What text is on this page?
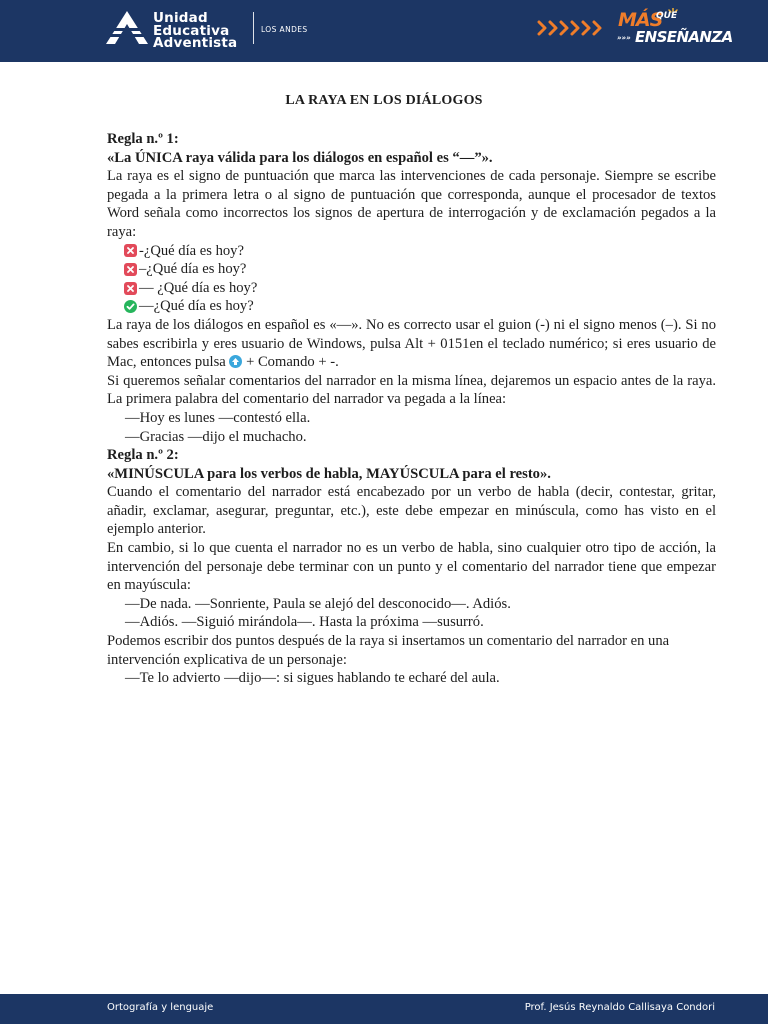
Unidad
Educativa
Adventista
LOS ANDES	MÁS
QUE
»»» ENSEÑANZA
LA RAYA EN LOS DIÁLOGOS

Regla n.º 1:

«La ÚNICA raya válida para los diálogos en español es “—”».

La raya es el signo de puntuación que marca las intervenciones de cada personaje. Siempre se escribe pegada a la primera letra o al signo de puntuación que corresponda, aunque el procesador de textos Word señala como incorrectos los signos de apertura de interrogación y de exclamación pegados a la raya:

-¿Qué día es hoy?
–¿Qué día es hoy?
— ¿Qué día es hoy?
—¿Qué día es hoy?

La raya de los diálogos en español es «—». No es correcto usar el guion (-) ni el signo menos (–). Si no sabes escribirla y eres usuario de Windows, pulsa Alt + 0151en el teclado numérico; si eres usuario de Mac, entonces pulsa + Comando + -.

Si queremos señalar comentarios del narrador en la misma línea, dejaremos un espacio antes de la raya. La primera palabra del comentario del narrador va pegada a la línea:

—Hoy es lunes —contestó ella.

—Gracias —dijo el muchacho.

Regla n.º 2:

«MINÚSCULA para los verbos de habla, MAYÚSCULA para el resto».

Cuando el comentario del narrador está encabezado por un verbo de habla (decir, contestar, gritar, añadir, exclamar, asegurar, preguntar, etc.), este debe empezar en minúscula, como has visto en el ejemplo anterior.

En cambio, si lo que cuenta el narrador no es un verbo de habla, sino cualquier otro tipo de acción, la intervención del personaje debe terminar con un punto y el comentario del narrador tiene que empezar en mayúscula:

—De nada. —Sonriente, Paula se alejó del desconocido—. Adiós.

—Adiós. —Siguió mirándola—. Hasta la próxima —susurró.

Podemos escribir dos puntos después de la raya si insertamos un comentario del narrador en una intervención explicativa de un personaje:

—Te lo advierto —dijo—: si sigues hablando te echaré del aula.

Ortografía y lenguaje	Prof. Jesús Reynaldo Callisaya Condori
